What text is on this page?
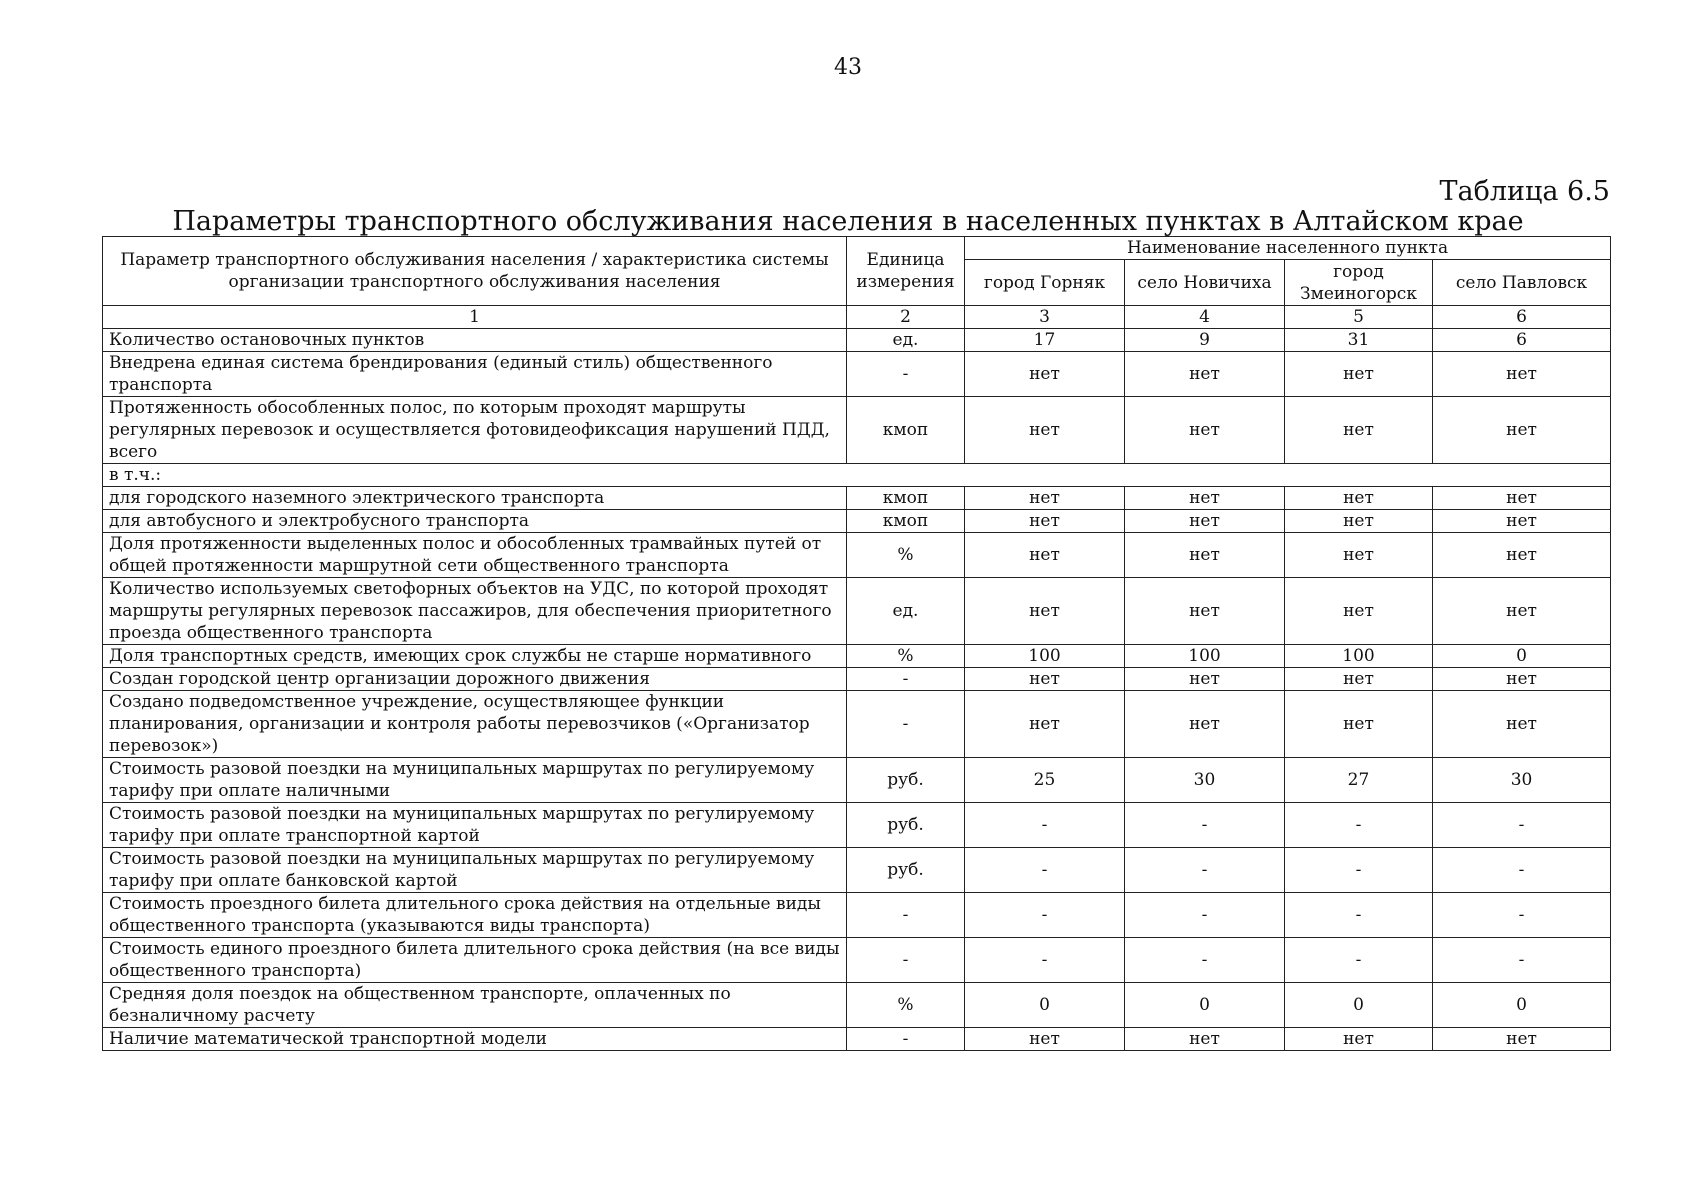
43
Таблица 6.5
Параметры транспортного обслуживания населения в населенных пунктах в Алтайском крае
Параметр транспортного обслуживания населения / характеристика системы организации транспортного обслуживания населения	Единица измерения	Наименование населенного пункта			
		город Горняк	село Новичиха	город Змеиногорск	село Павловск
1	2	3	4	5	6
Количество остановочных пунктов	ед.	17	9	31	6
Внедрена единая система брендирования (единый стиль) общественного транспорта	-	нет	нет	нет	нет
Протяженность обособленных полос, по которым проходят маршруты регулярных перевозок и осуществляется фотовидеофиксация нарушений ПДД, всего	кмоп	нет	нет	нет	нет
в т.ч.:					
для городского наземного электрического транспорта	кмоп	нет	нет	нет	нет
для автобусного и электробусного транспорта	кмоп	нет	нет	нет	нет
Доля протяженности выделенных полос и обособленных трамвайных путей от общей протяженности маршрутной сети общественного транспорта	%	нет	нет	нет	нет
Количество используемых светофорных объектов на УДС, по которой проходят маршруты регулярных перевозок пассажиров, для обеспечения приоритетного проезда общественного транспорта	ед.	нет	нет	нет	нет
Доля транспортных средств, имеющих срок службы не старше нормативного	%	100	100	100	0
Создан городской центр организации дорожного движения	-	нет	нет	нет	нет
Создано подведомственное учреждение, осуществляющее функции планирования, организации и контроля работы перевозчиков («Организатор перевозок»)	-	нет	нет	нет	нет
Стоимость разовой поездки на муниципальных маршрутах по регулируемому тарифу при оплате наличными	руб.	25	30	27	30
Стоимость разовой поездки на муниципальных маршрутах по регулируемому тарифу при оплате транспортной картой	руб.	-	-	-	-
Стоимость разовой поездки на муниципальных маршрутах по регулируемому тарифу при оплате банковской картой	руб.	-	-	-	-
Стоимость проездного билета длительного срока действия на отдельные виды общественного транспорта (указываются виды транспорта)	-	-	-	-	-
Стоимость единого проездного билета длительного срока действия (на все виды общественного транспорта)	-	-	-	-	-
Средняя доля поездок на общественном транспорте, оплаченных по безналичному расчету	%	0	0	0	0
Наличие математической транспортной модели	-	нет	нет	нет	нет
